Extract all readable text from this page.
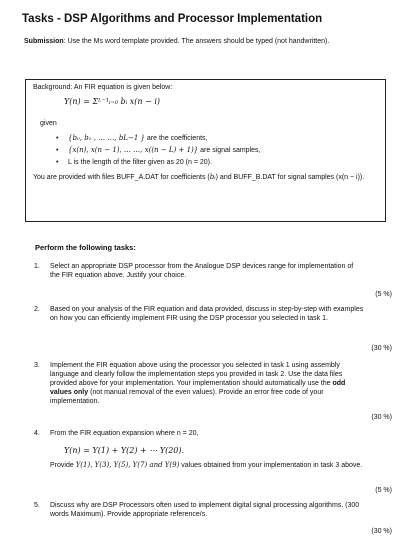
Tasks - DSP Algorithms and Processor Implementation
Submission: Use the Ms word template provided. The answers should be typed (not handwritten).
Background: An FIR equation is given below:
Y(n) = Σᴸ⁻¹ᵢ₌₀ bᵢ x(n − i)
given
• {b₀, b₁ , … …, bL−1 } are the coefficients,
• {x(n), x(n − 1), … …, x((n − L) + 1)} are signal samples,
• L is the length of the filter given as 20 (n = 20).
You are provided with files BUFF_A.DAT for coefficients (bᵢ) and BUFF_B.DAT for signal samples (x(n − i)).
Perform the following tasks:
1. Select an appropriate DSP processor from the Analogue DSP devices range for implementation of the FIR equation above. Justify your choice.
(5 %)
2. Based on your analysis of the FIR equation and data provided, discuss in step-by-step with examples on how you can efficiently implement FIR using the DSP processor you selected in task 1.
(30 %)
3. Implement the FIR equation above using the processor you selected in task 1 using assembly language and clearly follow the implementation steps you provided in task 2. Use the data files provided above for your implementation. Your implementation should automatically use the odd values only (not manual removal of the even values). Provide an error free code of your implementation.
(30 %)
4. From the FIR equation expansion where n = 20,
Y(n) = Y(1) + Y(2) + ⋯ Y(20).
Provide Y(1), Y(3), Y(5), Y(7) and Y(9) values obtained from your implementation in task 3 above.
(5 %)
5. Discuss why are DSP Processors often used to implement digital signal processing algorithms. (300 words Maximum). Provide appropriate reference/s.
(30 %)
